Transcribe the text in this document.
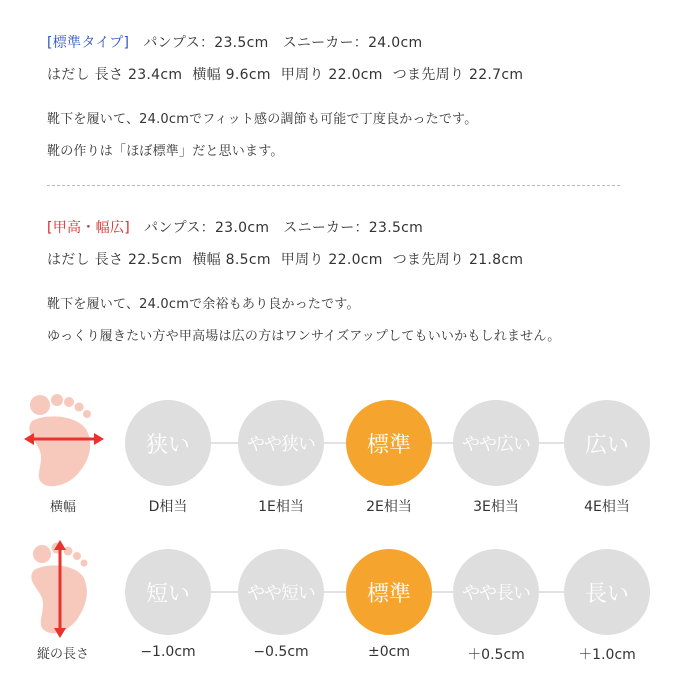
[標準タイプ] パンプス：23.5cm スニーカー：24.0cm
はだし 長さ 23.4cm 横幅 9.6cm 甲周り 22.0cm つま先周り 22.7cm
靴下を履いて、24.0cmでフィット感の調節も可能で丁度良かったです。
靴の作りは「ほぼ標準」だと思います。
[甲高・幅広] パンプス：23.0cm スニーカー：23.5cm
はだし 長さ 22.5cm 横幅 8.5cm 甲周り 22.0cm つま先周り 21.8cm
靴下を履いて、24.0cmで余裕もあり良かったです。
ゆっくり履きたい方や甲高場は広の方はワンサイズアップしてもいいかもしれません。
横幅
狭い	やや狭い	標準	やや広い	広い
D相当	1E相当	2E相当	3E相当	4E相当
縦の長さ
短い	やや短い	標準	やや長い	長い
−1.0cm	−0.5cm	±0cm	＋0.5cm	＋1.0cm
